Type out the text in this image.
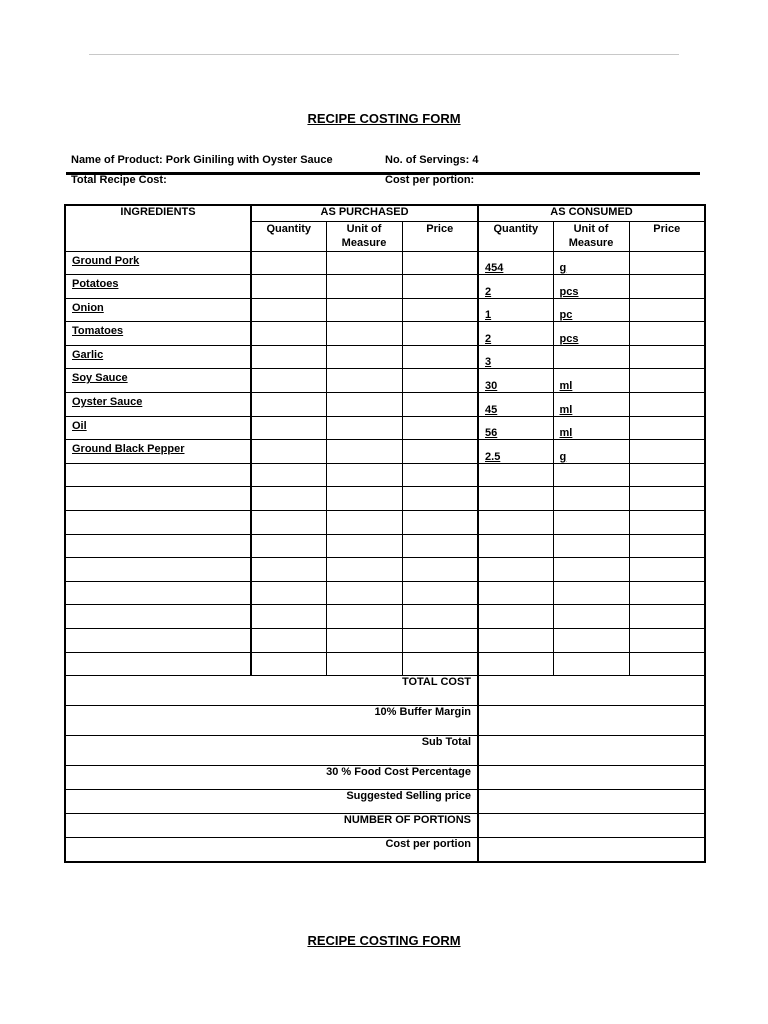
RECIPE COSTING FORM
Name of Product: Pork Giniling with Oyster Sauce	No. of Servings: 4
Total Recipe Cost:	Cost per portion:
INGREDIENTS	AS PURCHASED			AS CONSUMED		
	Quantity	Unit of Measure	Price	Quantity	Unit of Measure	Price
Ground Pork				454	g	
Potatoes				2	pcs	
Onion				1	pc	
Tomatoes				2	pcs	
Garlic				3		
Soy Sauce				30	ml	
Oyster Sauce				45	ml	
Oil				56	ml	
Ground Black Pepper				2.5	g	

TOTAL COST						
10% Buffer Margin						
Sub Total						
30 % Food Cost Percentage						
Suggested Selling price						
NUMBER OF PORTIONS						
Cost per portion						
RECIPE COSTING FORM
